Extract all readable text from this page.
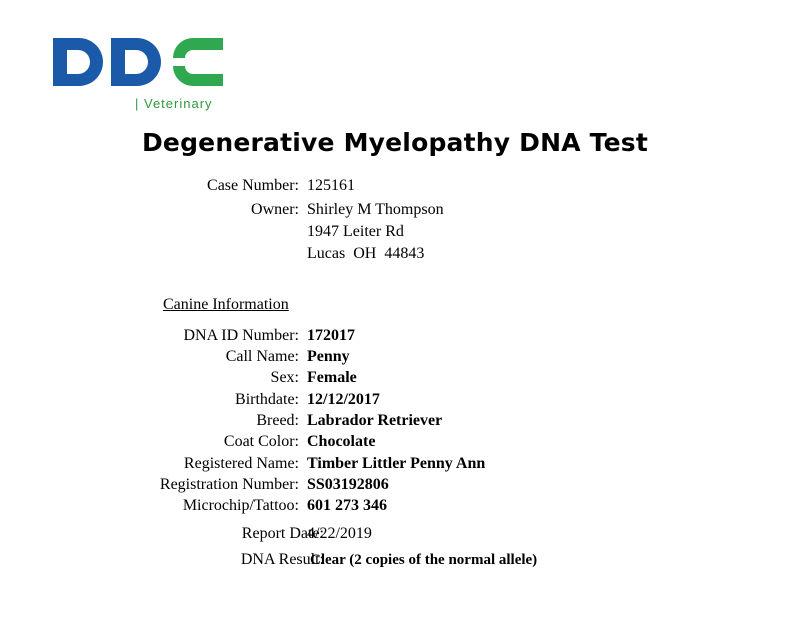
| Veterinary
Degenerative Myelopathy DNA Test
Case Number: 125161
Owner: Shirley M Thompson
1947 Leiter Rd
Lucas  OH  44843
Canine Information
DNA ID Number: 172017
Call Name: Penny
Sex: Female
Birthdate: 12/12/2017
Breed: Labrador Retriever
Coat Color: Chocolate
Registered Name: Timber Littler Penny Ann
Registration Number: SS03192806
Microchip/Tattoo: 601 273 346
Report Date:
4/22/2019
DNA Result:
Clear (2 copies of the normal allele)
